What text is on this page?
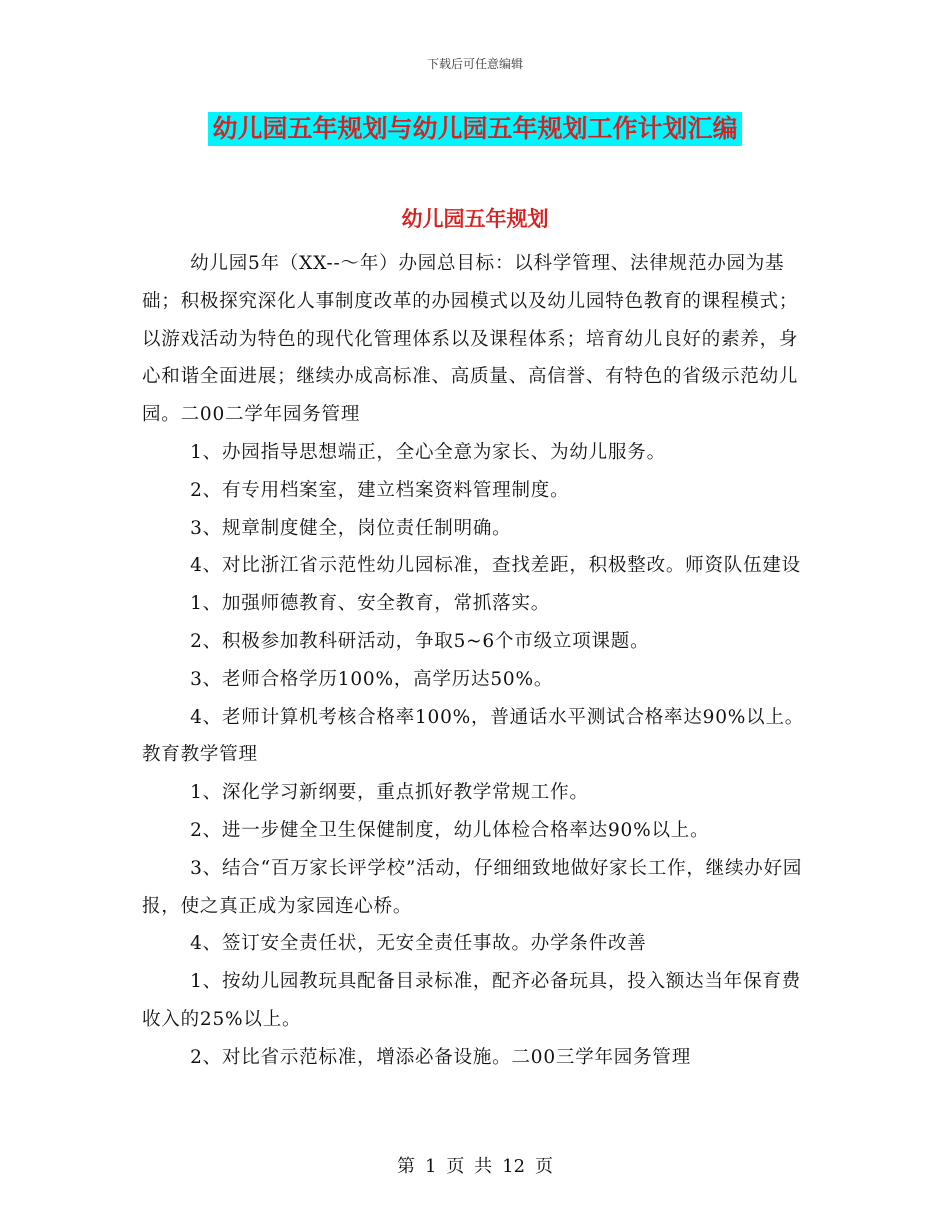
下载后可任意编辑
幼儿园五年规划与幼儿园五年规划工作计划汇编
幼儿园五年规划

幼儿园5年（XX--～年）办园总目标：以科学管理、法律规范办园为基础；积极探究深化人事制度改革的办园模式以及幼儿园特色教育的课程模式；以游戏活动为特色的现代化管理体系以及课程体系；培育幼儿良好的素养，身心和谐全面进展；继续办成高标准、高质量、高信誉、有特色的省级示范幼儿园。二00二学年园务管理

1、办园指导思想端正，全心全意为家长、为幼儿服务。

2、有专用档案室，建立档案资料管理制度。

3、规章制度健全，岗位责任制明确。

4、对比浙江省示范性幼儿园标准，查找差距，积极整改。师资队伍建设

1、加强师德教育、安全教育，常抓落实。

2、积极参加教科研活动，争取5~6个市级立项课题。

3、老师合格学历100%，高学历达50%。

4、老师计算机考核合格率100%，普通话水平测试合格率达90%以上。教育教学管理

1、深化学习新纲要，重点抓好教学常规工作。

2、进一步健全卫生保健制度，幼儿体检合格率达90%以上。

3、结合“百万家长评学校”活动，仔细细致地做好家长工作，继续办好园报，使之真正成为家园连心桥。

4、签订安全责任状，无安全责任事故。办学条件改善

1、按幼儿园教玩具配备目录标准，配齐必备玩具，投入额达当年保育费收入的25%以上。

2、对比省示范标准，增添必备设施。二00三学年园务管理

第 1 页 共 12 页
